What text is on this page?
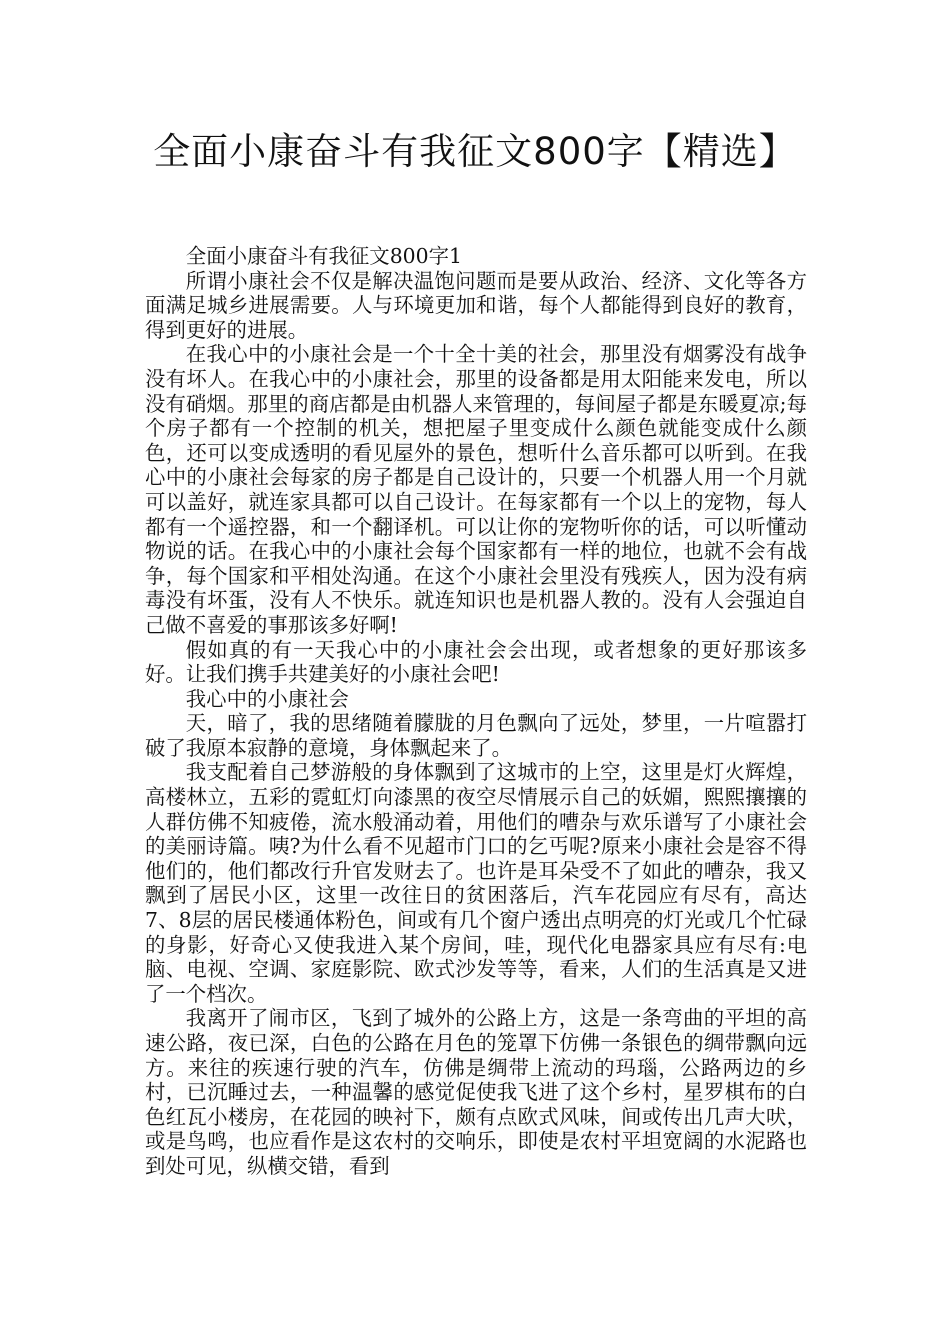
全面小康奋斗有我征文800字【精选】

全面小康奋斗有我征文800字1

所谓小康社会不仅是解决温饱问题而是要从政治、经济、文化等各方面满足城乡进展需要。人与环境更加和谐，每个人都能得到良好的教育，得到更好的进展。

在我心中的小康社会是一个十全十美的社会，那里没有烟雾没有战争没有坏人。在我心中的小康社会，那里的设备都是用太阳能来发电，所以没有硝烟。那里的商店都是由机器人来管理的，每间屋子都是东暖夏凉;每个房子都有一个控制的机关，想把屋子里变成什么颜色就能变成什么颜色，还可以变成透明的看见屋外的景色，想听什么音乐都可以听到。在我心中的小康社会每家的房子都是自己设计的，只要一个机器人用一个月就可以盖好，就连家具都可以自己设计。在每家都有一个以上的宠物，每人都有一个遥控器，和一个翻译机。可以让你的宠物听你的话，可以听懂动物说的话。在我心中的小康社会每个国家都有一样的地位，也就不会有战争，每个国家和平相处沟通。在这个小康社会里没有残疾人，因为没有病毒没有坏蛋，没有人不快乐。就连知识也是机器人教的。没有人会强迫自己做不喜爱的事那该多好啊!

假如真的有一天我心中的小康社会会出现，或者想象的更好那该多好。让我们携手共建美好的小康社会吧!

我心中的小康社会

天，暗了，我的思绪随着朦胧的月色飘向了远处，梦里，一片喧嚣打破了我原本寂静的意境，身体飘起来了。

我支配着自己梦游般的身体飘到了这城市的上空，这里是灯火辉煌，高楼林立，五彩的霓虹灯向漆黑的夜空尽情展示自己的妖媚，熙熙攘攘的人群仿佛不知疲倦，流水般涌动着，用他们的嘈杂与欢乐谱写了小康社会的美丽诗篇。咦?为什么看不见超市门口的乞丐呢?原来小康社会是容不得他们的，他们都改行升官发财去了。也许是耳朵受不了如此的嘈杂，我又飘到了居民小区，这里一改往日的贫困落后，汽车花园应有尽有，高达7、8层的居民楼通体粉色，间或有几个窗户透出点明亮的灯光或几个忙碌的身影，好奇心又使我进入某个房间，哇，现代化电器家具应有尽有:电脑、电视、空调、家庭影院、欧式沙发等等，看来，人们的生活真是又进了一个档次。

我离开了闹市区，飞到了城外的公路上方，这是一条弯曲的平坦的高速公路，夜已深，白色的公路在月色的笼罩下仿佛一条银色的绸带飘向远方。来往的疾速行驶的汽车，仿佛是绸带上流动的玛瑙，公路两边的乡村，已沉睡过去，一种温馨的感觉促使我飞进了这个乡村，星罗棋布的白色红瓦小楼房，在花园的映衬下，颇有点欧式风味，间或传出几声大吠，或是鸟鸣，也应看作是这农村的交响乐，即使是农村平坦宽阔的水泥路也到处可见，纵横交错，看到
